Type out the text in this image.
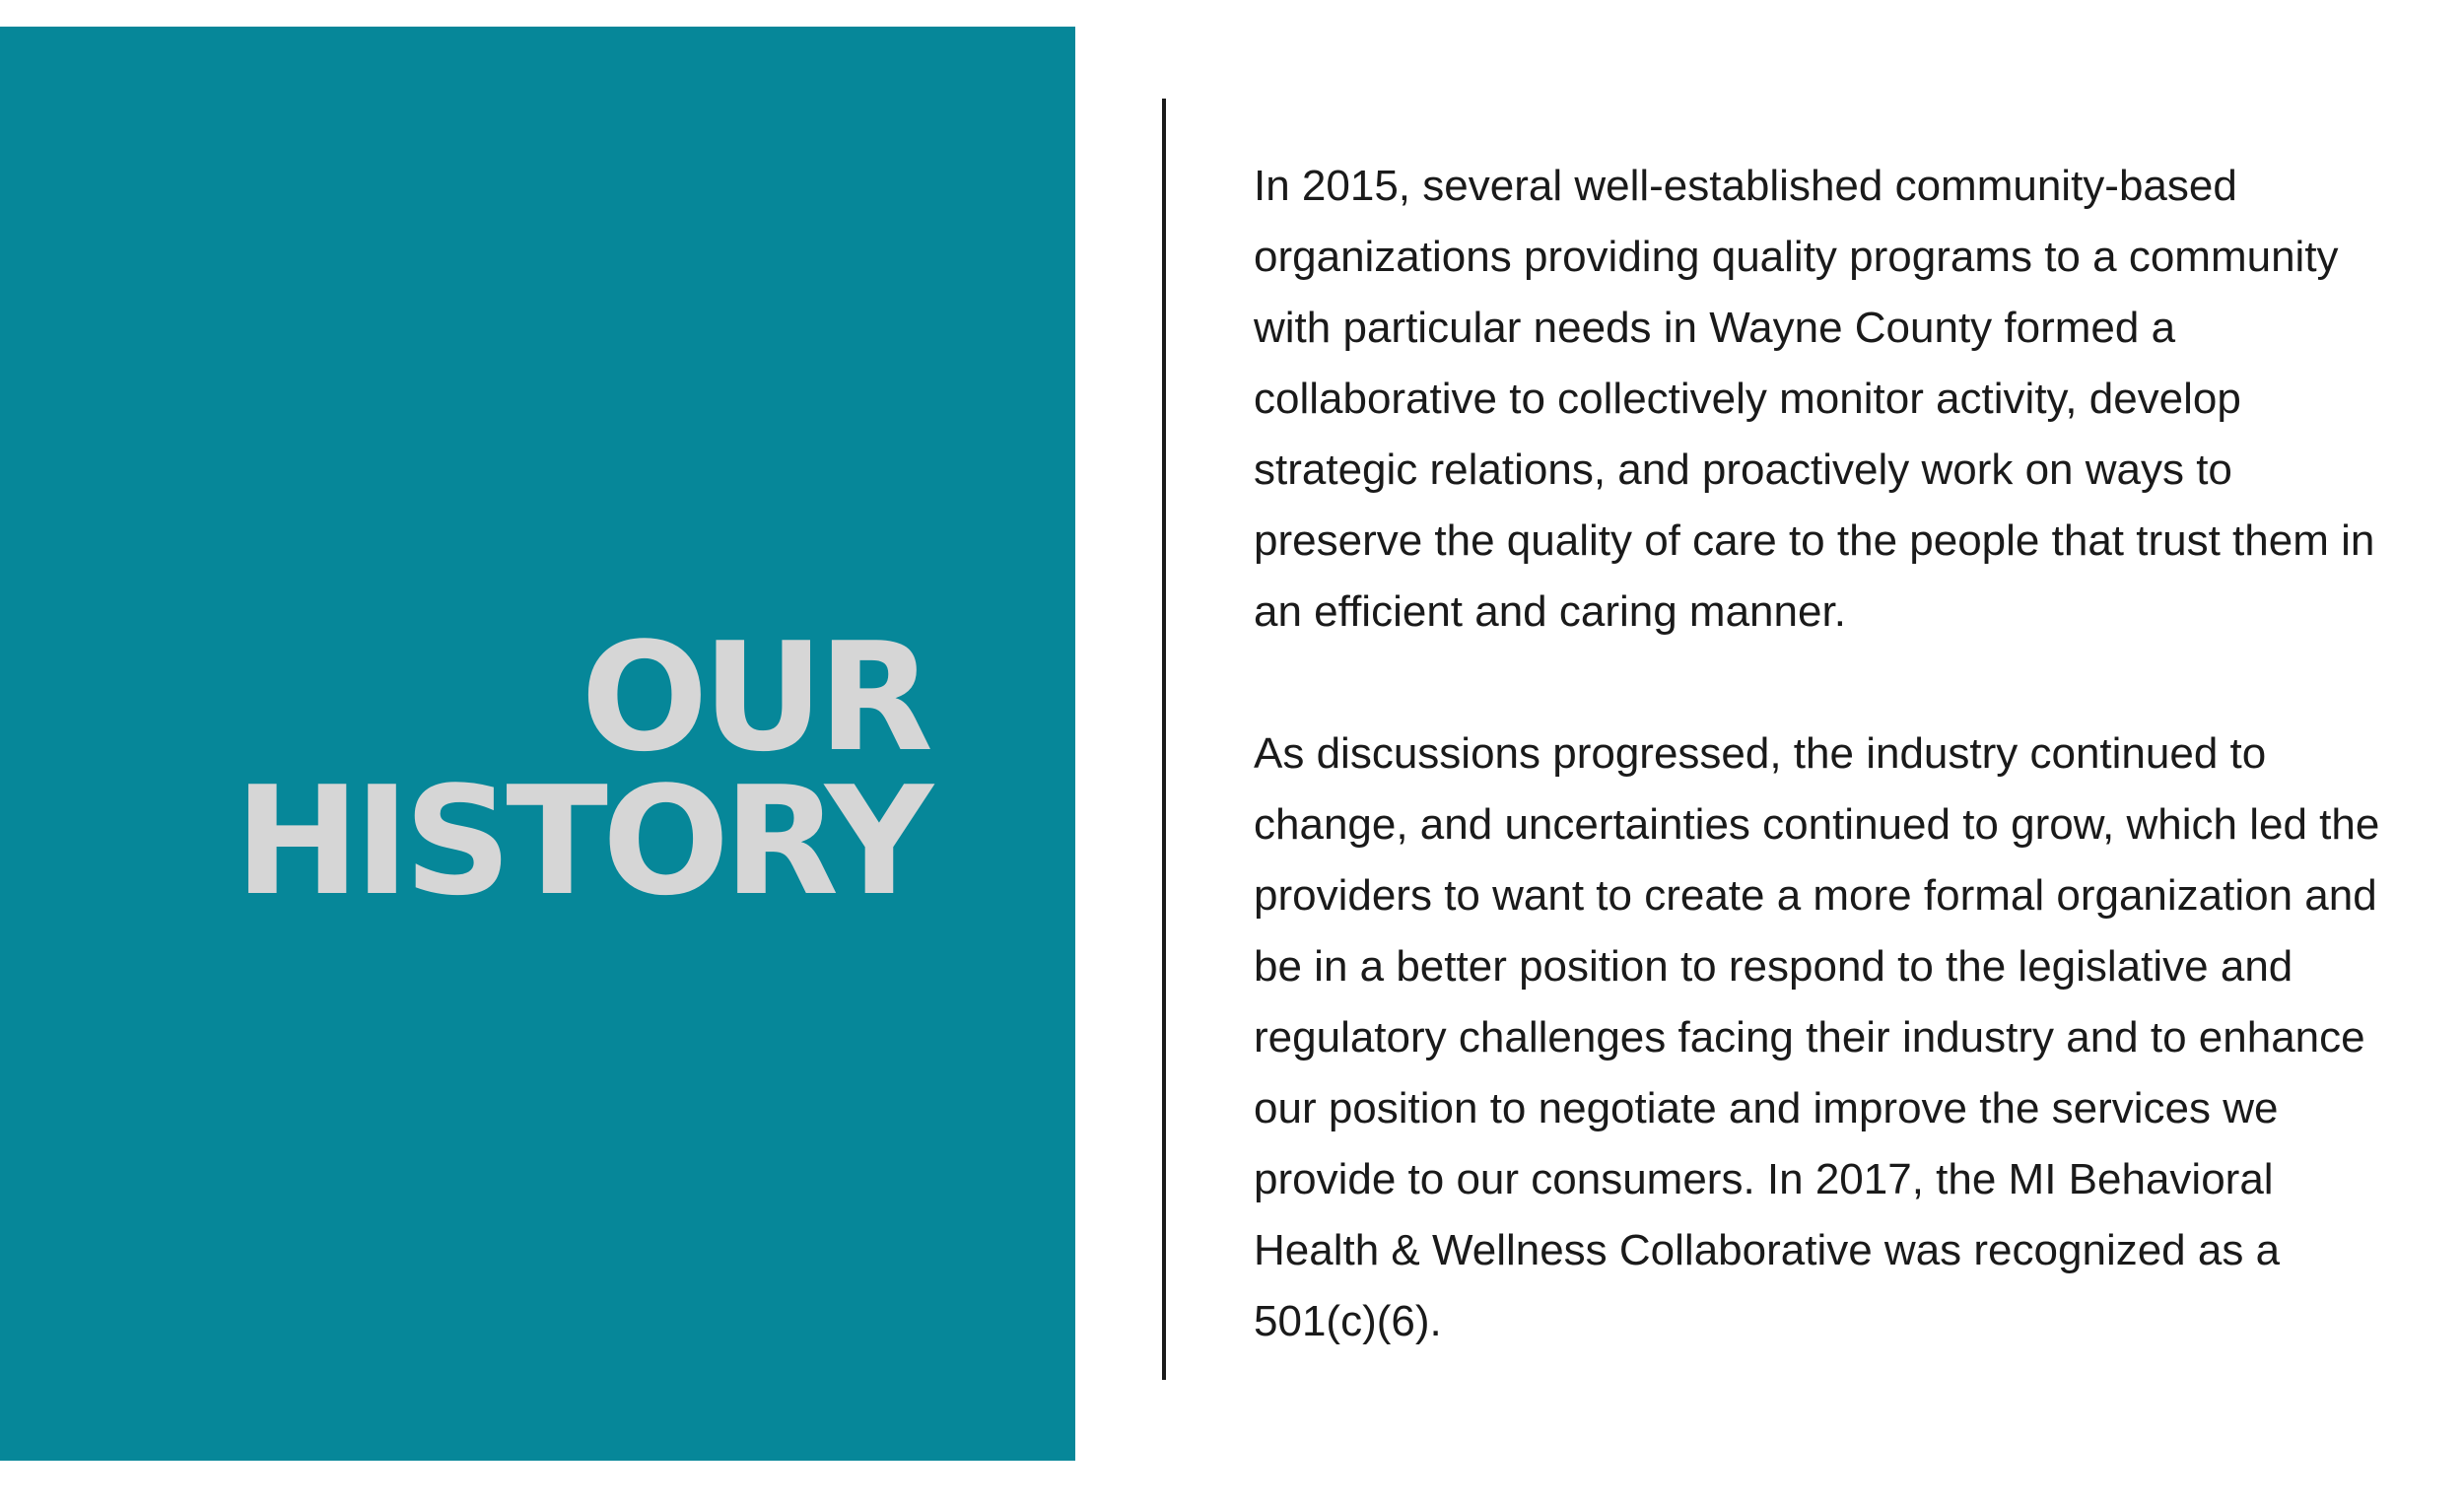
OUR
HISTORY

In 2015, several well-established community-based organizations providing quality programs to a community with particular needs in Wayne County formed a collaborative to collectively monitor activity, develop strategic relations, and proactively work on ways to preserve the quality of care to the people that trust them in an efficient and caring manner.

As discussions progressed, the industry continued to change, and uncertainties continued to grow, which led the providers to want to create a more formal organization and be in a better position to respond to the legislative and regulatory challenges facing their industry and to enhance our position to negotiate and improve the services we provide to our consumers. In 2017, the MI Behavioral Health & Wellness Collaborative was recognized as a 501(c)(6).
